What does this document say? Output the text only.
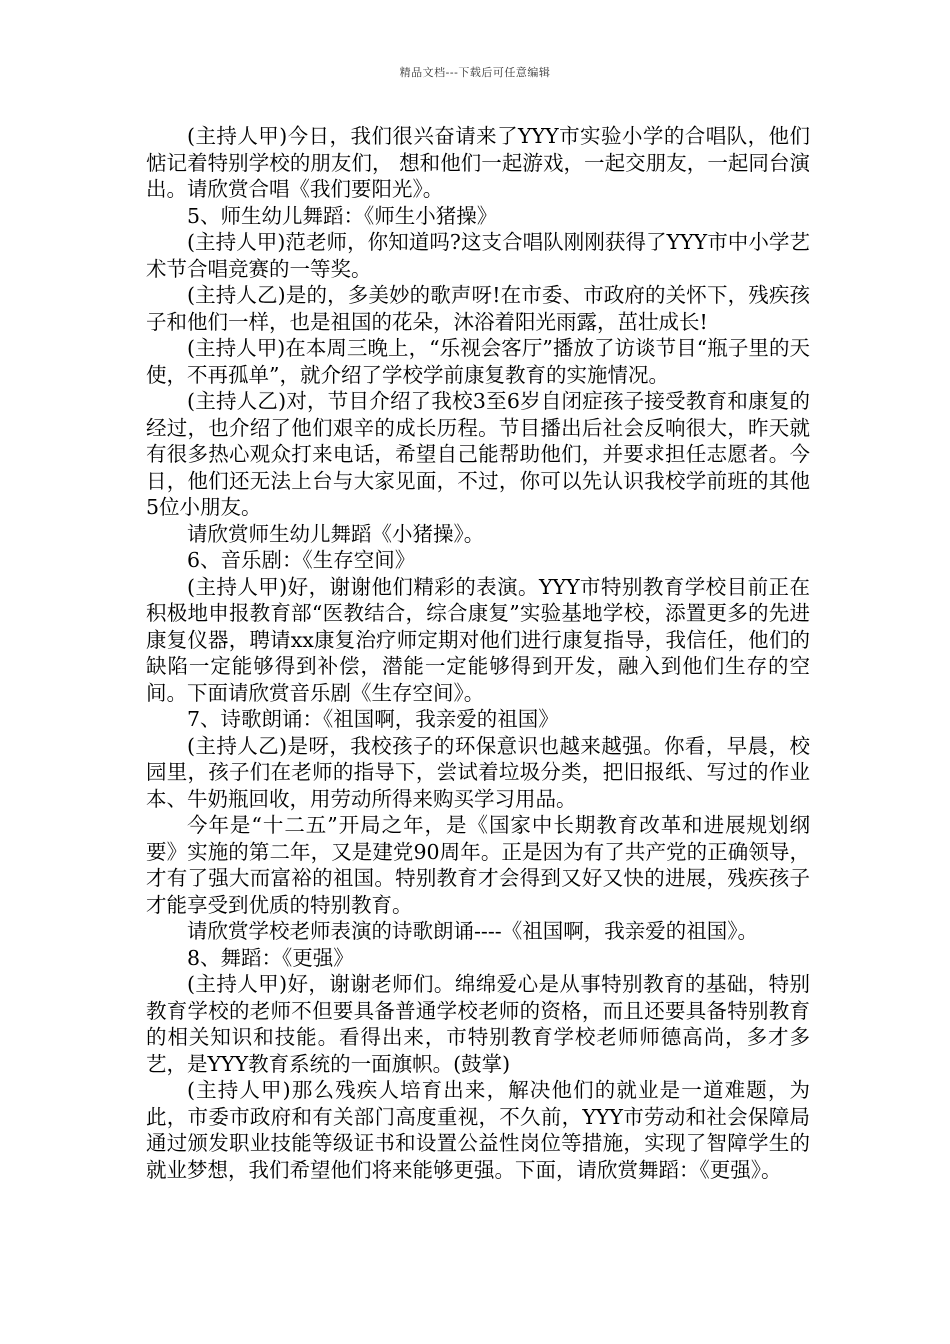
精品文档---下载后可任意编辑

(主持人甲)今日，我们很兴奋请来了YYY市实验小学的合唱队，他们惦记着特别学校的朋友们， 想和他们一起游戏，一起交朋友，一起同台演出。请欣赏合唱《我们要阳光》。

5、师生幼儿舞蹈：《师生小猪操》

(主持人甲)范老师，你知道吗?这支合唱队刚刚获得了YYY市中小学艺术节合唱竞赛的一等奖。

(主持人乙)是的，多美妙的歌声呀!在市委、市政府的关怀下，残疾孩子和他们一样，也是祖国的花朵，沐浴着阳光雨露，茁壮成长!

(主持人甲)在本周三晚上，“乐视会客厅”播放了访谈节目“瓶子里的天使，不再孤单”，就介绍了学校学前康复教育的实施情况。

(主持人乙)对，节目介绍了我校3至6岁自闭症孩子接受教育和康复的经过，也介绍了他们艰辛的成长历程。节目播出后社会反响很大，昨天就有很多热心观众打来电话，希望自己能帮助他们，并要求担任志愿者。今日，他们还无法上台与大家见面，不过，你可以先认识我校学前班的其他5位小朋友。

请欣赏师生幼儿舞蹈《小猪操》。

6、音乐剧：《生存空间》

(主持人甲)好，谢谢他们精彩的表演。YYY市特别教育学校目前正在积极地申报教育部“医教结合，综合康复”实验基地学校，添置更多的先进康复仪器，聘请xx康复治疗师定期对他们进行康复指导，我信任，他们的缺陷一定能够得到补偿，潜能一定能够得到开发，融入到他们生存的空间。下面请欣赏音乐剧《生存空间》。

7、诗歌朗诵：《祖国啊，我亲爱的祖国》

(主持人乙)是呀，我校孩子的环保意识也越来越强。你看，早晨，校园里，孩子们在老师的指导下，尝试着垃圾分类，把旧报纸、写过的作业本、牛奶瓶回收，用劳动所得来购买学习用品。

今年是“十二五”开局之年，是《国家中长期教育改革和进展规划纲要》实施的第二年，又是建党90周年。正是因为有了共产党的正确领导，才有了强大而富裕的祖国。特别教育才会得到又好又快的进展，残疾孩子才能享受到优质的特别教育。

请欣赏学校老师表演的诗歌朗诵----《祖国啊，我亲爱的祖国》。

8、舞蹈：《更强》

(主持人甲)好，谢谢老师们。绵绵爱心是从事特别教育的基础，特别教育学校的老师不但要具备普通学校老师的资格，而且还要具备特别教育的相关知识和技能。看得出来，市特别教育学校老师师德高尚，多才多艺，是YYY教育系统的一面旗帜。(鼓掌)

(主持人甲)那么残疾人培育出来，解决他们的就业是一道难题，为此，市委市政府和有关部门高度重视，不久前，YYY市劳动和社会保障局通过颁发职业技能等级证书和设置公益性岗位等措施，实现了智障学生的就业梦想，我们希望他们将来能够更强。下面，请欣赏舞蹈：《更强》。
